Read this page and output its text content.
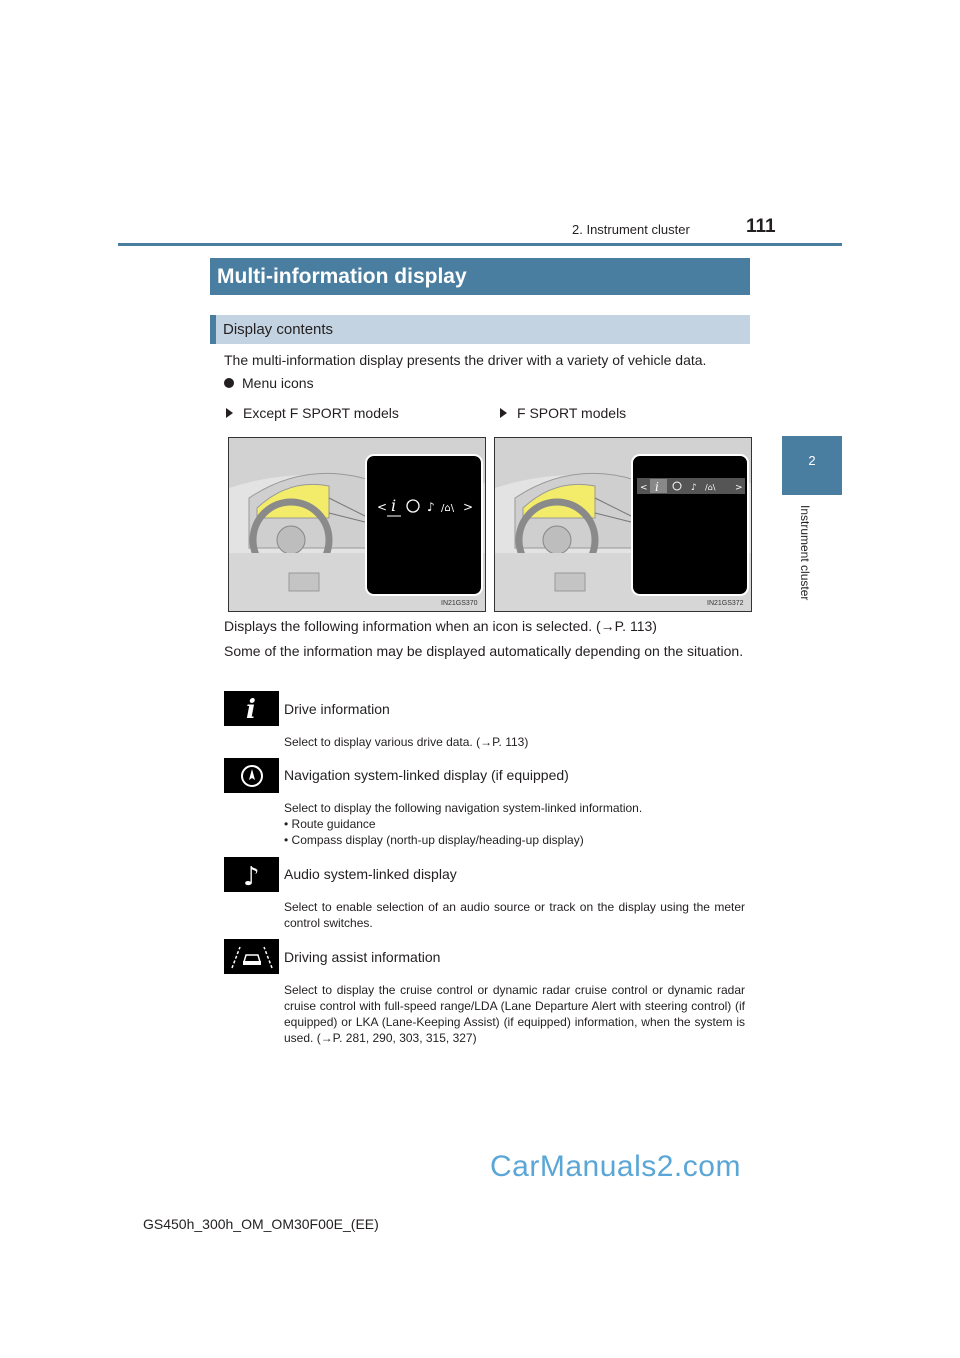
2. Instrument cluster	111
2
Instrument cluster
Multi-information display
Display contents
The multi-information display presents the driver with a variety of vehicle data.
Menu icons
Except F SPORT models	F SPORT models
< i	♪ /⌂\ >
IN21GS370
< i	♪ /⌂\ >
IN21GS372
Displays the following information when an icon is selected. (→P. 113)
Some of the information may be displayed automatically depending on the situation.
i Drive information
Select to display various drive data. (→P. 113)
Navigation system-linked display (if equipped)
Select to display the following navigation system-linked information.
• Route guidance
• Compass display (north-up display/heading-up display)
♪ Audio system-linked display
Select to enable selection of an audio source or track on the display using the meter control switches.
Driving assist information
Select to display the cruise control or dynamic radar cruise control or dynamic radar cruise control with full-speed range/LDA (Lane Departure Alert with steering control) (if equipped) or LKA (Lane-Keeping Assist) (if equipped) information, when the system is used. (→P. 281, 290, 303, 315, 327)
CarManuals2.com
GS450h_300h_OM_OM30F00E_(EE)
